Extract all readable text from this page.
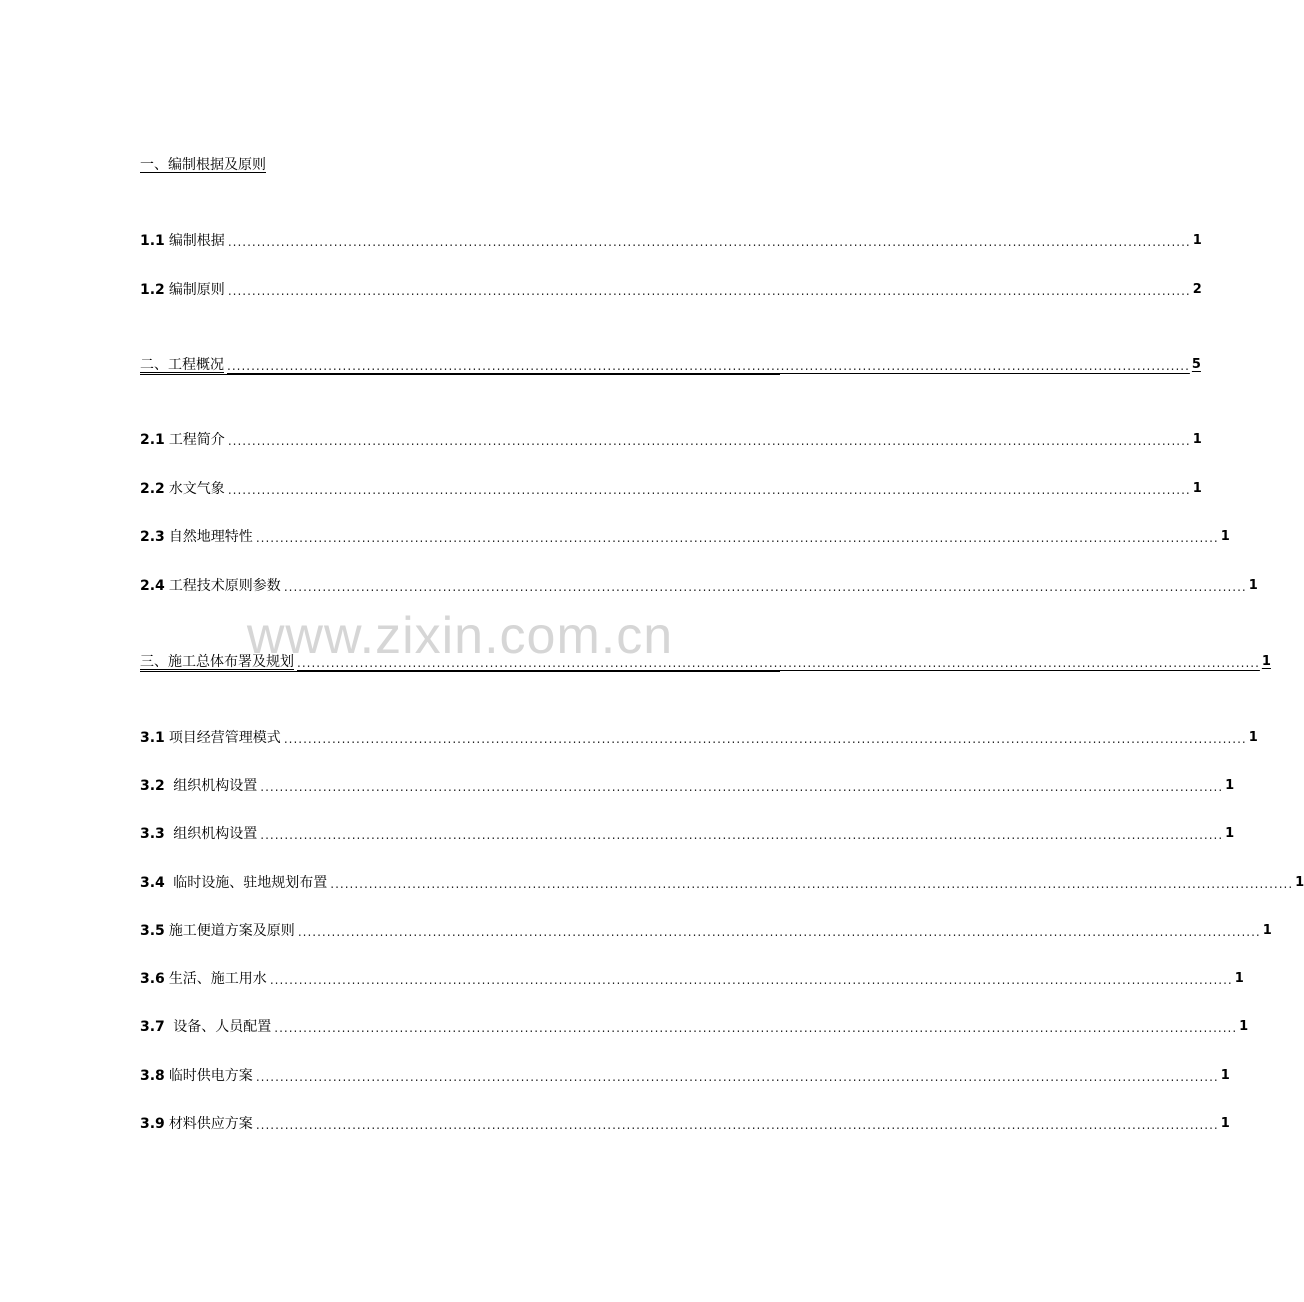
一、编制根据及原则
1.1 编制根据 ........................................................................................................................................................................................................ 1
1.2 编制原则 ........................................................................................................................................................................................................ 2
二、工程概况 ........................................................................................................................................................................................................ 5
2.1 工程简介 ........................................................................................................................................................................................................ 1
2.2 水文气象 ........................................................................................................................................................................................................ 1
2.3 自然地理特性 ........................................................................................................................................................................................................ 1
2.4 工程技术原则参数 ........................................................................................................................................................................................................ 1
三、施工总体布署及规划 ........................................................................................................................................................................................................ 1
3.1 项目经营管理模式 ........................................................................................................................................................................................................ 1
3.2 组织机构设置 ........................................................................................................................................................................................................ 1
3.3 组织机构设置 ........................................................................................................................................................................................................ 1
3.4 临时设施、驻地规划布置 ........................................................................................................................................................................................................ 1
3.5 施工便道方案及原则 ........................................................................................................................................................................................................ 1
3.6 生活、施工用水 ........................................................................................................................................................................................................ 1
3.7 设备、人员配置 ........................................................................................................................................................................................................ 1
3.8 临时供电方案 ........................................................................................................................................................................................................ 1
3.9 材料供应方案 ........................................................................................................................................................................................................ 1
www.zixin.com.cn
